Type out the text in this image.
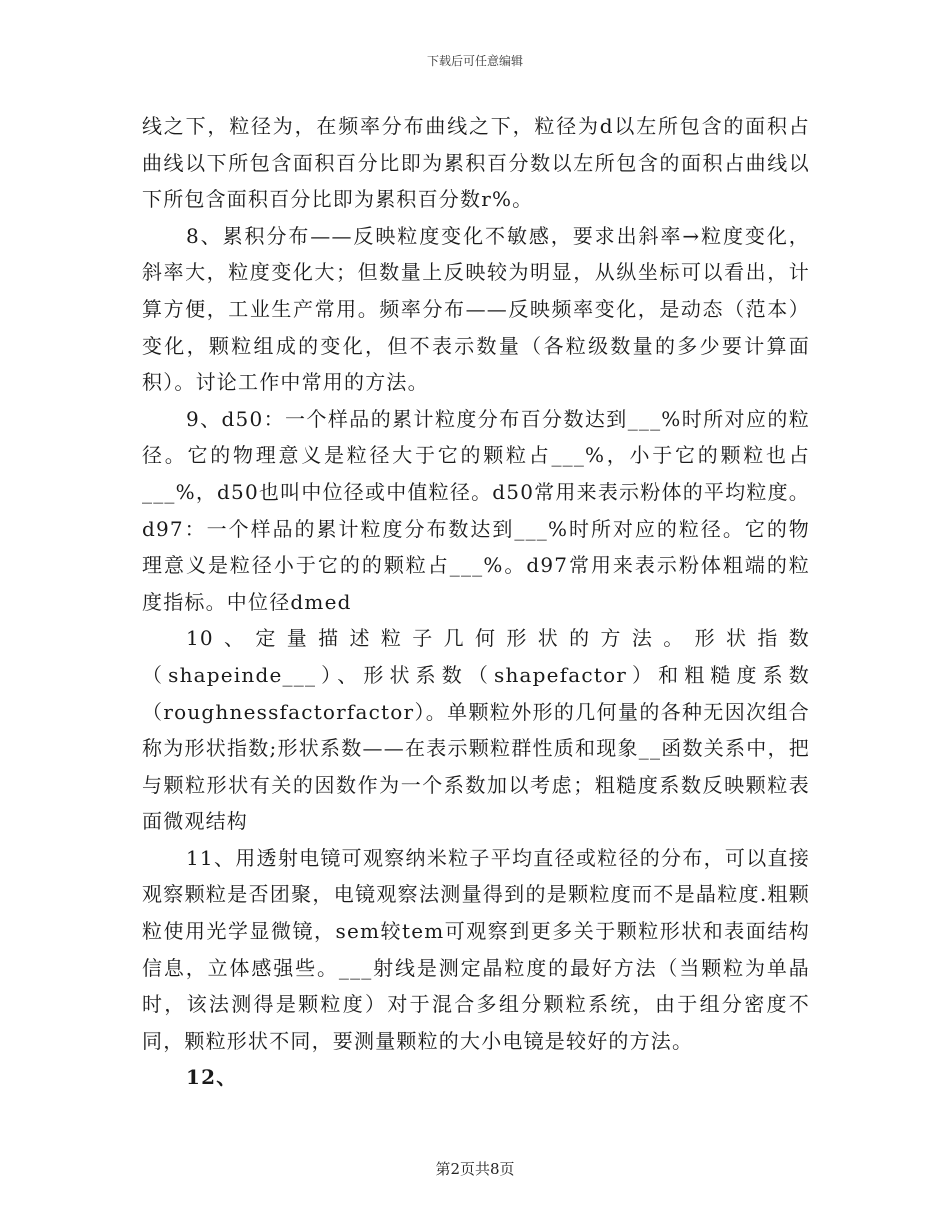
下载后可任意编辑

线之下，粒径为，在频率分布曲线之下，粒径为d以左所包含的面积占曲线以下所包含面积百分比即为累积百分数以左所包含的面积占曲线以下所包含面积百分比即为累积百分数r%。

8、累积分布——反映粒度变化不敏感，要求出斜率→粒度变化，斜率大，粒度变化大；但数量上反映较为明显，从纵坐标可以看出，计算方便，工业生产常用。频率分布——反映频率变化，是动态（范本）变化，颗粒组成的变化，但不表示数量（各粒级数量的多少要计算面积）。讨论工作中常用的方法。

9、d50：一个样品的累计粒度分布百分数达到___%时所对应的粒径。它的物理意义是粒径大于它的颗粒占___%，小于它的颗粒也占___%，d50也叫中位径或中值粒径。d50常用来表示粉体的平均粒度。d97：一个样品的累计粒度分布数达到___%时所对应的粒径。它的物理意义是粒径小于它的的颗粒占___%。d97常用来表示粉体粗端的粒度指标。中位径dmed

10、定量描述粒子几何形状的方法。形状指数（shapeinde___）、形状系数（shapefactor）和粗糙度系数（roughnessfactorfactor）。单颗粒外形的几何量的各种无因次组合称为形状指数;形状系数——在表示颗粒群性质和现象__函数关系中，把与颗粒形状有关的因数作为一个系数加以考虑；粗糙度系数反映颗粒表面微观结构

11、用透射电镜可观察纳米粒子平均直径或粒径的分布，可以直接观察颗粒是否团聚，电镜观察法测量得到的是颗粒度而不是晶粒度.粗颗粒使用光学显微镜，sem较tem可观察到更多关于颗粒形状和表面结构信息，立体感强些。___射线是测定晶粒度的最好方法（当颗粒为单晶时，该法测得是颗粒度）对于混合多组分颗粒系统，由于组分密度不同，颗粒形状不同，要测量颗粒的大小电镜是较好的方法。

12、

第2页共8页
